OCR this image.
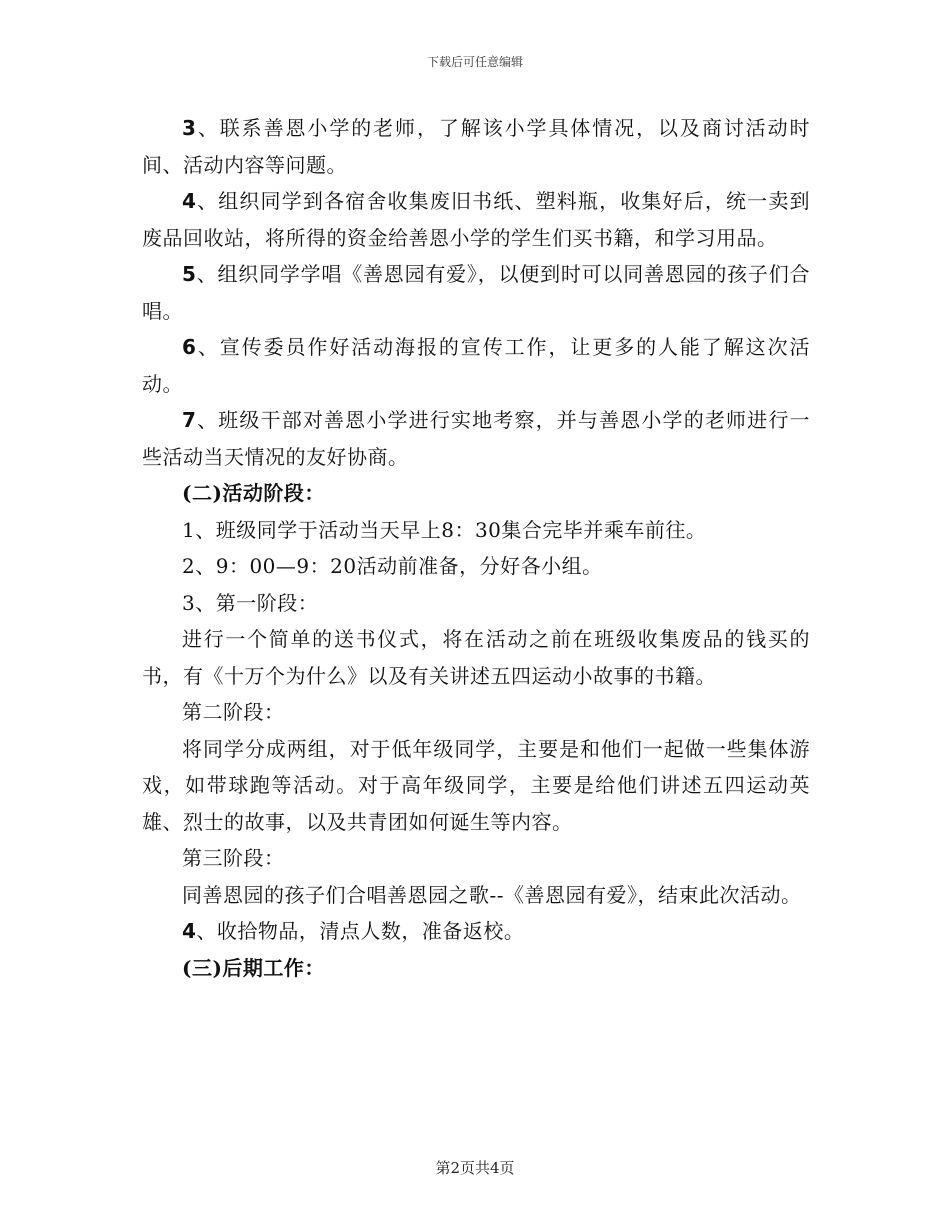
下载后可任意编辑

3、联系善恩小学的老师，了解该小学具体情况，以及商讨活动时间、活动内容等问题。

4、组织同学到各宿舍收集废旧书纸、塑料瓶，收集好后，统一卖到废品回收站，将所得的资金给善恩小学的学生们买书籍，和学习用品。

5、组织同学学唱《善恩园有爱》，以便到时可以同善恩园的孩子们合唱。

6、宣传委员作好活动海报的宣传工作，让更多的人能了解这次活动。

7、班级干部对善恩小学进行实地考察，并与善恩小学的老师进行一些活动当天情况的友好协商。

(二)活动阶段：

1、班级同学于活动当天早上8：30集合完毕并乘车前往。

2、9：00—9：20活动前准备，分好各小组。

3、第一阶段：

进行一个简单的送书仪式，将在活动之前在班级收集废品的钱买的书，有《十万个为什么》以及有关讲述五四运动小故事的书籍。

第二阶段：

将同学分成两组，对于低年级同学，主要是和他们一起做一些集体游戏，如带球跑等活动。对于高年级同学，主要是给他们讲述五四运动英雄、烈士的故事，以及共青团如何诞生等内容。

第三阶段：

同善恩园的孩子们合唱善恩园之歌--《善恩园有爱》，结束此次活动。

4、收拾物品，清点人数，准备返校。

(三)后期工作：

第2页共4页
